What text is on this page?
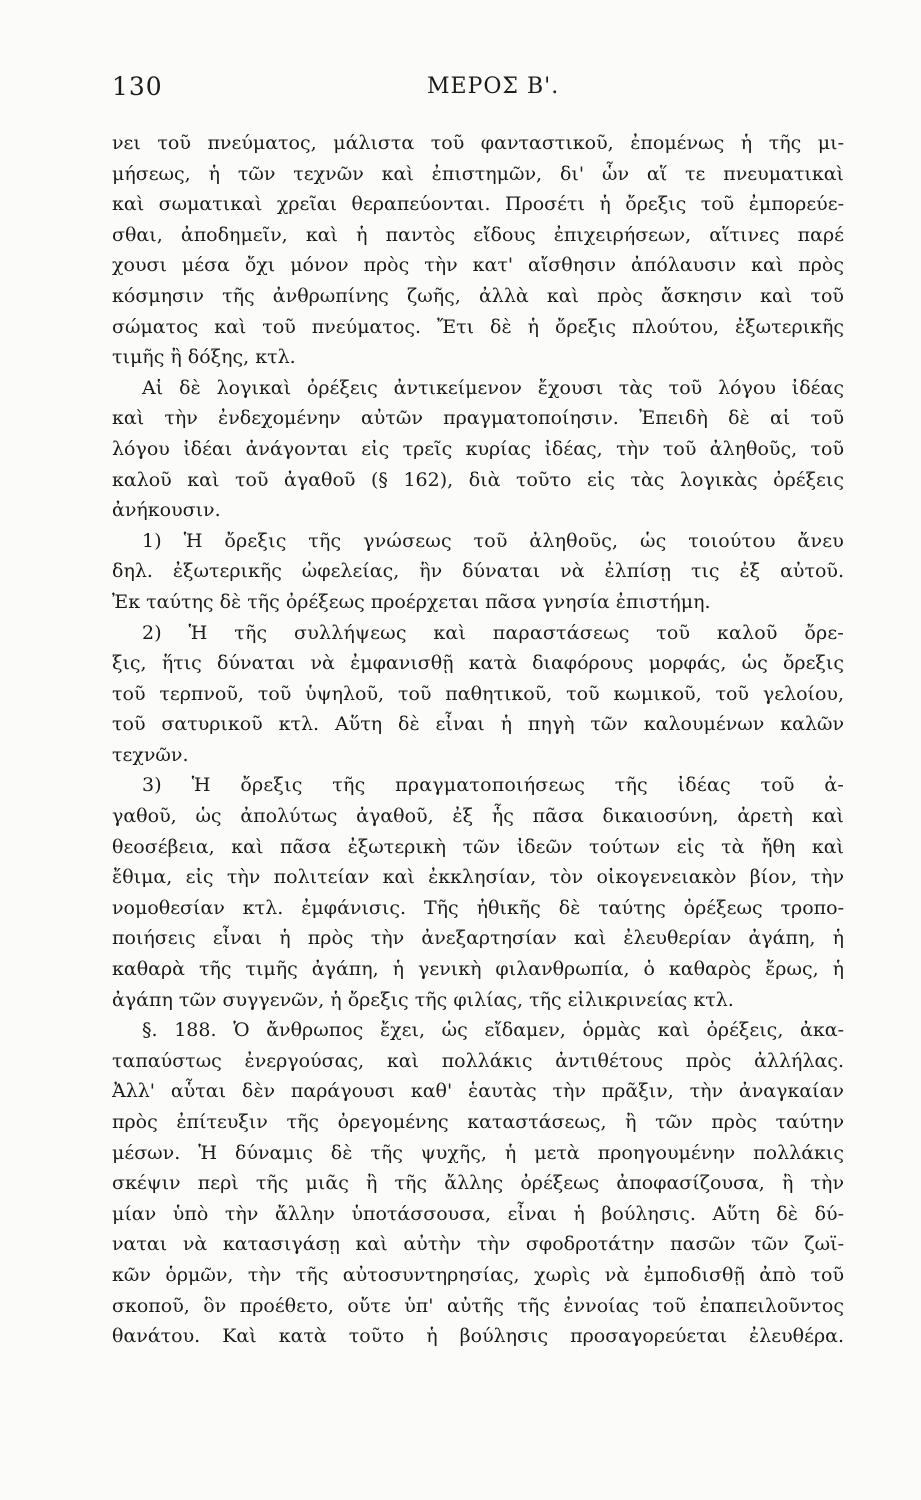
130	ΜΕΡΟΣ Β'.
νει τοῦ πνεύματος, μάλιστα τοῦ φανταστικοῦ, ἐπομένως ἡ τῆς μι-
μήσεως, ἡ τῶν τεχνῶν καὶ ἐπιστημῶν, δι' ὧν αἵ τε πνευματικαὶ
καὶ σωματικαὶ χρεῖαι θεραπεύονται. Προσέτι ἡ ὄρεξις τοῦ ἐμπορεύε-
σθαι, ἀποδημεῖν, καὶ ἡ παντὸς εἴδους ἐπιχειρήσεων, αἵτινες παρέ
χουσι μέσα ὄχι μόνον πρὸς τὴν κατ' αἴσθησιν ἀπόλαυσιν καὶ πρὸς
κόσμησιν τῆς ἀνθρωπίνης ζωῆς, ἀλλὰ καὶ πρὸς ἄσκησιν καὶ τοῦ
σώματος καὶ τοῦ πνεύματος. Ἔτι δὲ ἡ ὄρεξις πλούτου, ἐξωτερικῆς
τιμῆς ἢ δόξης, κτλ.
Αἱ δὲ λογικαὶ ὀρέξεις ἀντικείμενον ἔχουσι τὰς τοῦ λόγου ἰδέας
καὶ τὴν ἐνδεχομένην αὐτῶν πραγματοποίησιν. Ἐπειδὴ δὲ αἱ τοῦ
λόγου ἰδέαι ἀνάγονται εἰς τρεῖς κυρίας ἰδέας, τὴν τοῦ ἀληθοῦς, τοῦ
καλοῦ καὶ τοῦ ἀγαθοῦ (§ 162), διὰ τοῦτο εἰς τὰς λογικὰς ὀρέξεις
ἀνήκουσιν.
1) Ἡ ὄρεξις τῆς γνώσεως τοῦ ἀληθοῦς, ὡς τοιούτου ἄνευ
δηλ. ἐξωτερικῆς ὠφελείας, ἣν δύναται νὰ ἐλπίσῃ τις ἐξ αὐτοῦ.
Ἐκ ταύτης δὲ τῆς ὀρέξεως προέρχεται πᾶσα γνησία ἐπιστήμη.
2) Ἡ τῆς συλλήψεως καὶ παραστάσεως τοῦ καλοῦ ὄρε-
ξις, ἥτις δύναται νὰ ἐμφανισθῇ κατὰ διαφόρους μορφάς, ὡς ὄρεξις
τοῦ τερπνοῦ, τοῦ ὑψηλοῦ, τοῦ παθητικοῦ, τοῦ κωμικοῦ, τοῦ γελοίου,
τοῦ σατυρικοῦ κτλ. Αὕτη δὲ εἶναι ἡ πηγὴ τῶν καλουμένων καλῶν
τεχνῶν.
3) Ἡ ὄρεξις τῆς πραγματοποιήσεως τῆς ἰδέας τοῦ ἀ-
γαθοῦ, ὡς ἀπολύτως ἀγαθοῦ, ἐξ ἧς πᾶσα δικαιοσύνη, ἀρετὴ καὶ
θεοσέβεια, καὶ πᾶσα ἐξωτερικὴ τῶν ἰδεῶν τούτων εἰς τὰ ἤθη καὶ
ἔθιμα, εἰς τὴν πολιτείαν καὶ ἐκκλησίαν, τὸν οἰκογενειακὸν βίον, τὴν
νομοθεσίαν κτλ. ἐμφάνισις. Τῆς ἠθικῆς δὲ ταύτης ὀρέξεως τροπο-
ποιήσεις εἶναι ἡ πρὸς τὴν ἀνεξαρτησίαν καὶ ἐλευθερίαν ἀγάπη, ἡ
καθαρὰ τῆς τιμῆς ἀγάπη, ἡ γενικὴ φιλανθρωπία, ὁ καθαρὸς ἔρως, ἡ
ἀγάπη τῶν συγγενῶν, ἡ ὄρεξις τῆς φιλίας, τῆς εἰλικρινείας κτλ.
§. 188. Ὁ ἄνθρωπος ἔχει, ὡς εἴδαμεν, ὁρμὰς καὶ ὀρέξεις, ἀκα-
ταπαύστως ἐνεργούσας, καὶ πολλάκις ἀντιθέτους πρὸς ἀλλήλας.
Ἀλλ' αὗται δὲν παράγουσι καθ' ἑαυτὰς τὴν πρᾶξιν, τὴν ἀναγκαίαν
πρὸς ἐπίτευξιν τῆς ὀρεγομένης καταστάσεως, ἢ τῶν πρὸς ταύτην
μέσων. Ἡ δύναμις δὲ τῆς ψυχῆς, ἡ μετὰ προηγουμένην πολλάκις
σκέψιν περὶ τῆς μιᾶς ἢ τῆς ἄλλης ὀρέξεως ἀποφασίζουσα, ἢ τὴν
μίαν ὑπὸ τὴν ἄλλην ὑποτάσσουσα, εἶναι ἡ βούλησις. Αὕτη δὲ δύ-
ναται νὰ κατασιγάσῃ καὶ αὐτὴν τὴν σφοδροτάτην πασῶν τῶν ζωϊ-
κῶν ὁρμῶν, τὴν τῆς αὐτοσυντηρησίας, χωρὶς νὰ ἐμποδισθῇ ἀπὸ τοῦ
σκοποῦ, ὃν προέθετο, οὔτε ὑπ' αὐτῆς τῆς ἐννοίας τοῦ ἐπαπειλοῦντος
θανάτου. Καὶ κατὰ τοῦτο ἡ βούλησις προσαγορεύεται ἐλευθέρα.
